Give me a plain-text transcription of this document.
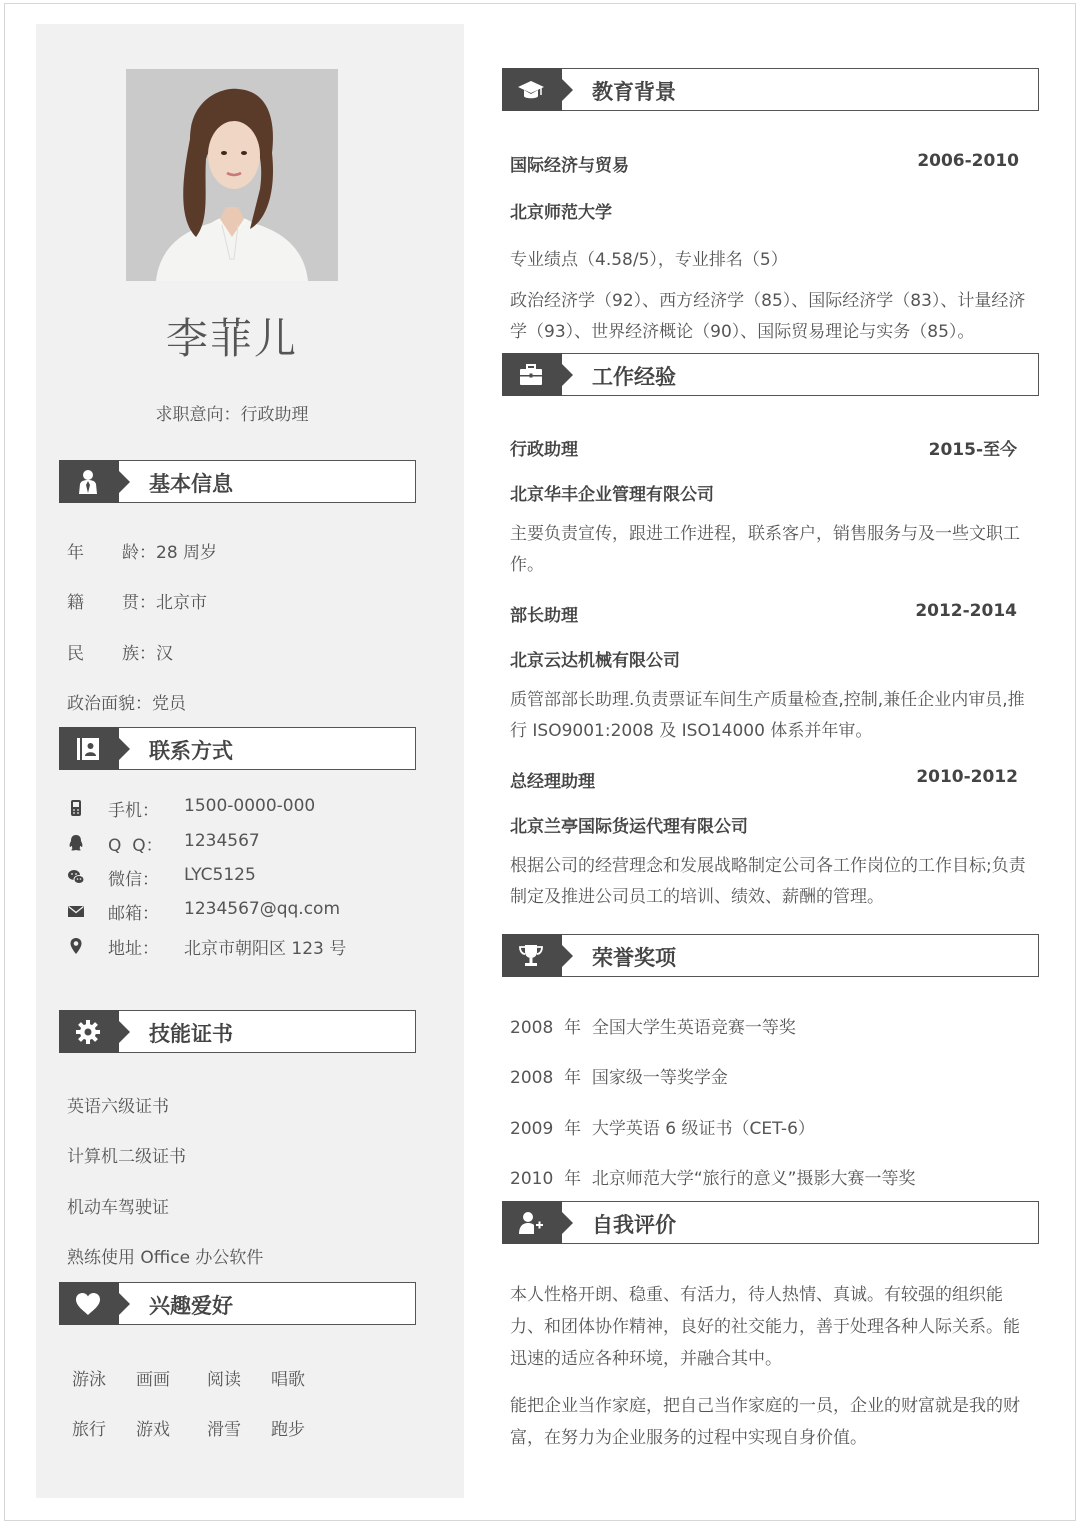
李菲儿
求职意向：行政助理
基本信息
年龄：28 周岁
籍贯：北京市
民族：汉
政治面貌：党员
联系方式
手机：	1500-0000-000
Q  Q：	1234567
微信：	LYC5125
邮箱：	1234567@qq.com
地址：	北京市朝阳区 123 号
技能证书
英语六级证书
计算机二级证书
机动车驾驶证
熟练使用 Office 办公软件
兴趣爱好
游泳 画画 阅读 唱歌
旅行 游戏 滑雪 跑步
教育背景
国际经济与贸易	2006-2010
北京师范大学
专业绩点（4.58/5），专业排名（5）
政治经济学（92）、西方经济学（85）、国际经济学（83）、计量经济学（93）、世界经济概论（90）、国际贸易理论与实务（85）。
工作经验
行政助理	2015-至今
北京华丰企业管理有限公司
主要负责宣传，跟进工作进程，联系客户，销售服务与及一些文职工作。
部长助理	2012-2014
北京云达机械有限公司
质管部部长助理.负责票证车间生产质量检查,控制,兼任企业内审员,推行 ISO9001:2008 及 ISO14000 体系并年审。
总经理助理	2010-2012
北京兰亭国际货运代理有限公司
根据公司的经营理念和发展战略制定公司各工作岗位的工作目标;负责制定及推进公司员工的培训、绩效、薪酬的管理。
荣誉奖项
2008  年  全国大学生英语竞赛一等奖
2008  年  国家级一等奖学金
2009  年  大学英语 6 级证书（CET-6）
2010  年  北京师范大学“旅行的意义”摄影大赛一等奖
自我评价
本人性格开朗、稳重、有活力，待人热情、真诚。有较强的组织能力、和团体协作精神，良好的社交能力，善于处理各种人际关系。能迅速的适应各种环境，并融合其中。
能把企业当作家庭，把自己当作家庭的一员，企业的财富就是我的财富，在努力为企业服务的过程中实现自身价值。
